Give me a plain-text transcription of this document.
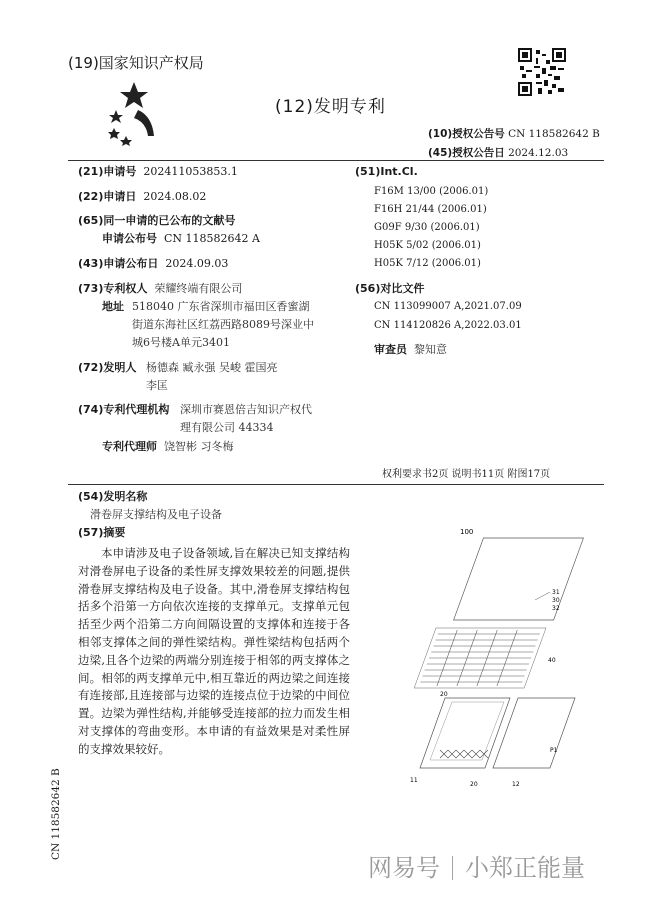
(19)国家知识产权局
(12)发明专利
(10)授权公告号 CN 118582642 B
(45)授权公告日 2024.12.03
(21)申请号 202411053853.1
(22)申请日 2024.08.02
(65)同一申请的已公布的文献号
申请公布号 CN 118582642 A
(43)申请公布日 2024.09.03
(73)专利权人 荣耀终端有限公司
地址 518040 广东省深圳市福田区香蜜湖
街道东海社区红荔西路8089号深业中
城6号楼A单元3401
(72)发明人 杨德森 臧永强 吴峻 霍国亮
李匡
(74)专利代理机构 深圳市赛恩倍吉知识产权代
理有限公司 44334
专利代理师 饶智彬 习冬梅
(51)Int.Cl.
F16M 13/00 (2006.01)
F16H 21/44 (2006.01)
G09F 9/30 (2006.01)
H05K 5/02 (2006.01)
H05K 7/12 (2006.01)
(56)对比文件
CN 113099007 A,2021.07.09
CN 114120826 A,2022.03.01
审查员 黎知意
权利要求书2页 说明书11页 附图17页
(54)发明名称
滑卷屏支撑结构及电子设备
(57)摘要
本申请涉及电子设备领域,旨在解决已知支撑结构对滑卷屏电子设备的柔性屏支撑效果较差的问题,提供滑卷屏支撑结构及电子设备。其中,滑卷屏支撑结构包括多个沿第一方向依次连接的支撑单元。支撑单元包括至少两个沿第二方向间隔设置的支撑体和连接于各相邻支撑体之间的弹性梁结构。弹性梁结构包括两个边梁,且各个边梁的两端分别连接于相邻的两支撑体之间。相邻的两支撑单元中,相互靠近的两边梁之间连接有连接部,且连接部与边梁的连接点位于边梁的中间位置。边梁为弹性结构,并能够受连接部的拉力而发生相对支撑体的弯曲变形。本申请的有益效果是对柔性屏的支撑效果较好。
100
31
30
32
40
20
11
20	12
P1
CN 118582642 B
网易号 小郑正能量
